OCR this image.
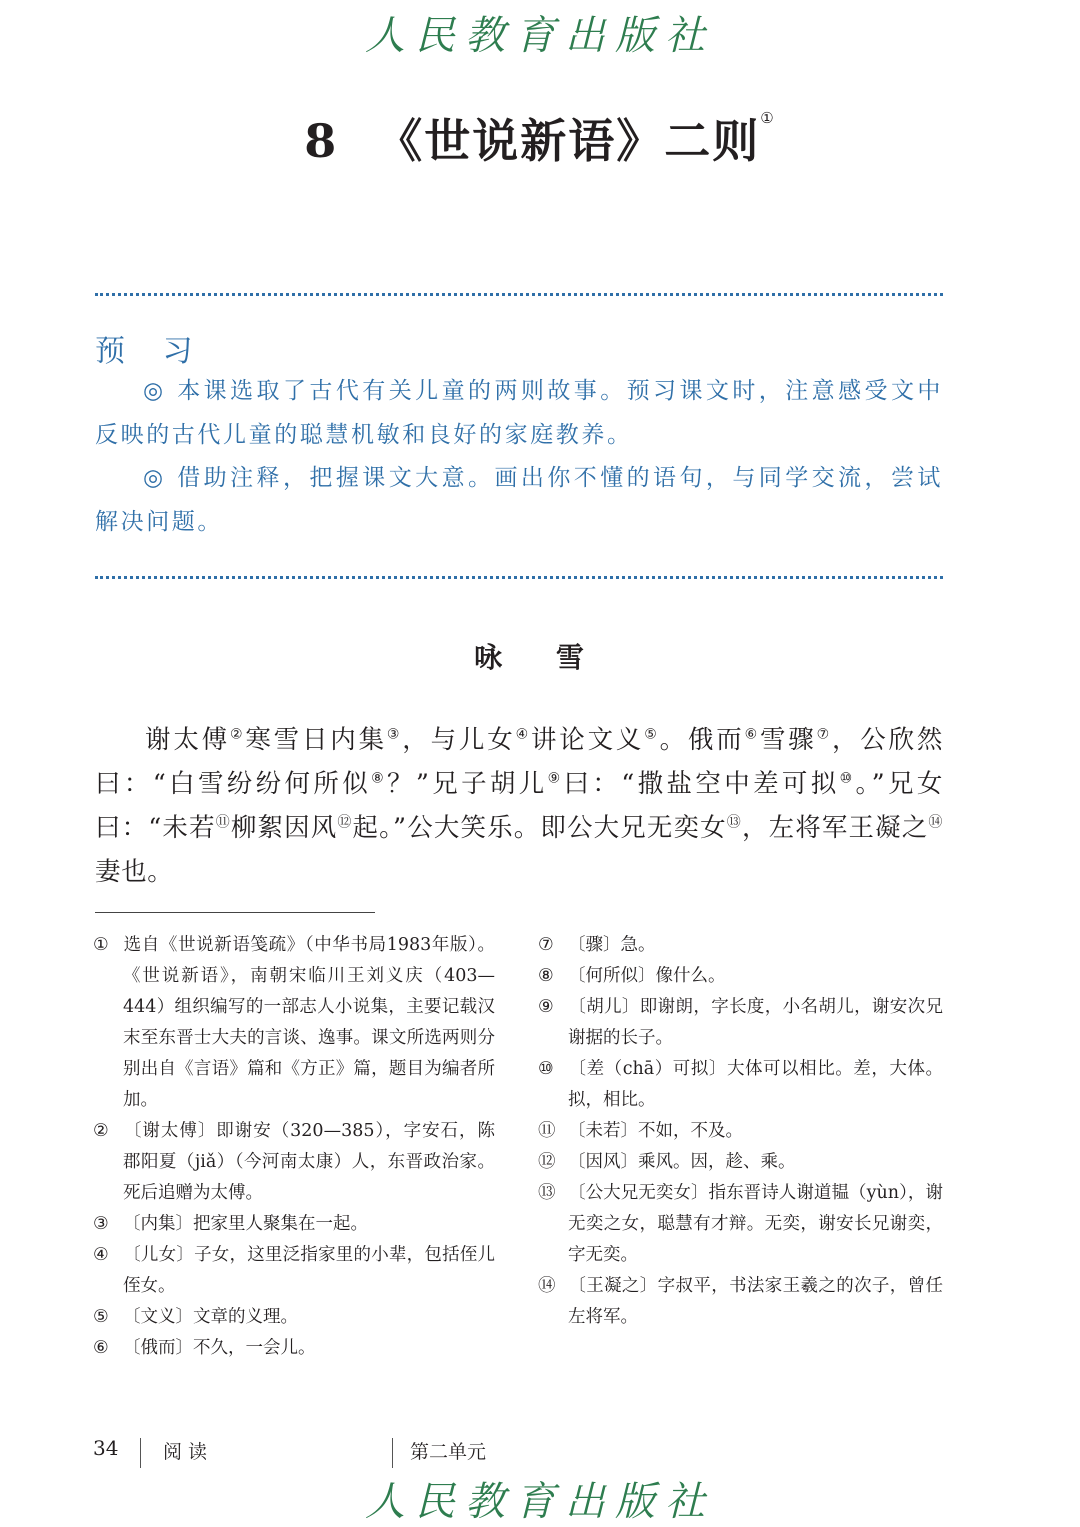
人民教育出版社
8 《世说新语》二则①
预 习

◎ 本课选取了古代有关儿童的两则故事。预习课文时，注意感受文中反映的古代儿童的聪慧机敏和良好的家庭教养。

◎ 借助注释，把握课文大意。画出你不懂的语句，与同学交流，尝试解决问题。

咏 雪
谢太傅②寒雪日内集③，与儿女④讲论文义⑤。俄而⑥雪骤⑦，公欣然曰：“白雪纷纷何所似⑧？”兄子胡儿⑨曰：“撒盐空中差可拟⑩。”兄女曰：“未若⑪柳絮因风⑫起。”公大笑乐。即公大兄无奕女⑬，左将军王凝之⑭妻也。
① 选自《世说新语笺疏》（中华书局1983年版）。《世说新语》，南朝宋临川王刘义庆（403—444）组织编写的一部志人小说集，主要记载汉末至东晋士大夫的言谈、逸事。课文所选两则分别出自《言语》篇和《方正》篇，题目为编者所加。
② 〔谢太傅〕即谢安（320—385），字安石，陈郡阳夏（jiǎ）（今河南太康）人，东晋政治家。死后追赠为太傅。
③ 〔内集〕把家里人聚集在一起。
④ 〔儿女〕子女，这里泛指家里的小辈，包括侄儿侄女。
⑤ 〔文义〕文章的义理。
⑥ 〔俄而〕不久，一会儿。
⑦ 〔骤〕急。
⑧ 〔何所似〕像什么。
⑨ 〔胡儿〕即谢朗，字长度，小名胡儿，谢安次兄谢据的长子。
⑩ 〔差（chā）可拟〕大体可以相比。差，大体。拟，相比。
⑪ 〔未若〕不如，不及。
⑫ 〔因风〕乘风。因，趁、乘。
⑬ 〔公大兄无奕女〕指东晋诗人谢道韫（yùn），谢无奕之女，聪慧有才辩。无奕，谢安长兄谢奕，字无奕。
⑭ 〔王凝之〕字叔平，书法家王羲之的次子，曾任左将军。
34 阅读	第二单元
人民教育出版社
